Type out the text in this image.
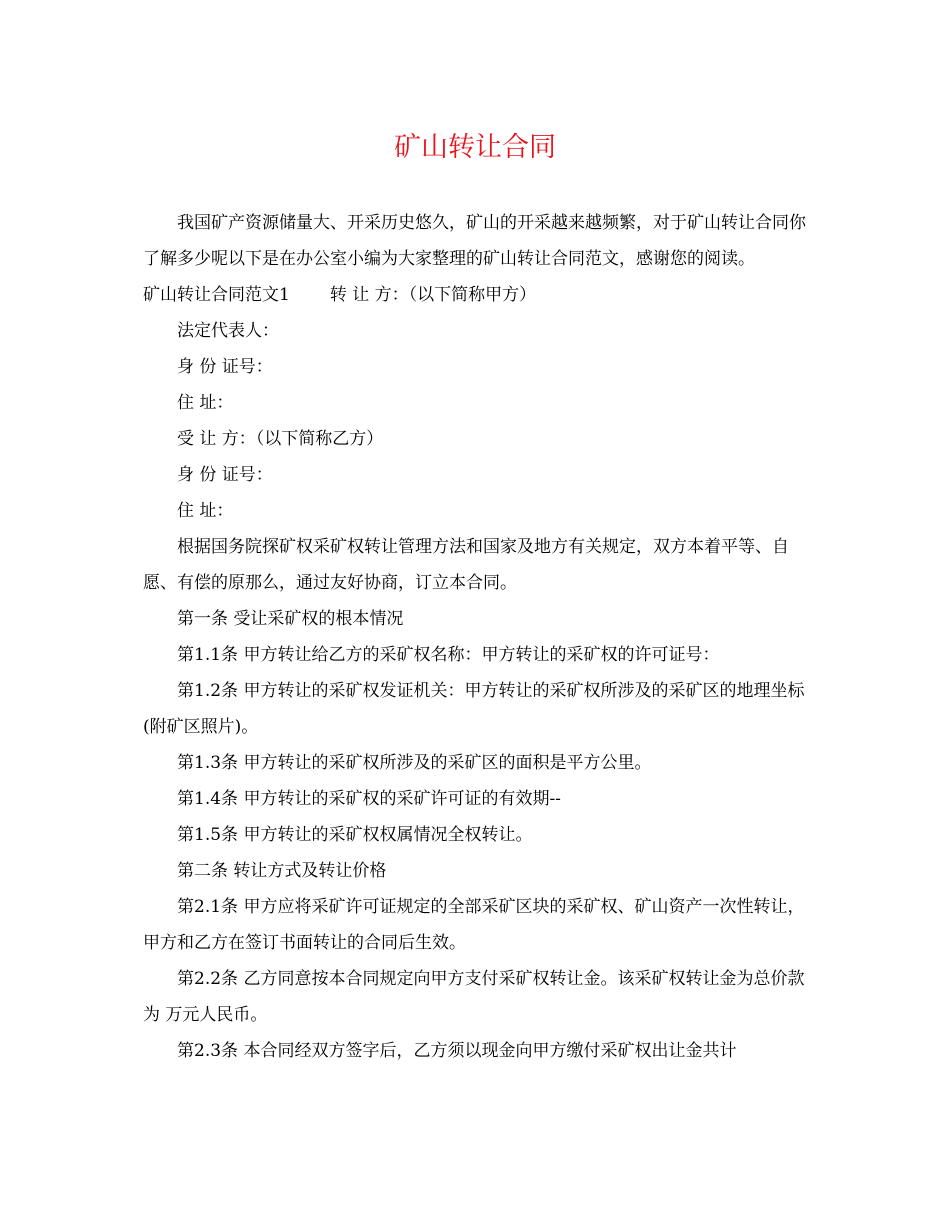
矿山转让合同

我国矿产资源储量大、开采历史悠久，矿山的开采越来越频繁，对于矿山转让合同你了解多少呢以下是在办公室小编为大家整理的矿山转让合同范文，感谢您的阅读。

矿山转让合同范文1 转 让 方：（以下简称甲方）

法定代表人：

身 份 证号：

住 址：

受 让 方：（以下简称乙方）

身 份 证号：

住 址：

根据国务院探矿权采矿权转让管理方法和国家及地方有关规定，双方本着平等、自愿、有偿的原那么，通过友好协商，订立本合同。

第一条 受让采矿权的根本情况

第1.1条 甲方转让给乙方的采矿权名称：甲方转让的采矿权的许可证号：

第1.2条 甲方转让的采矿权发证机关：甲方转让的采矿权所涉及的采矿区的地理坐标(附矿区照片)。

第1.3条 甲方转让的采矿权所涉及的采矿区的面积是平方公里。

第1.4条 甲方转让的采矿权的采矿许可证的有效期--

第1.5条 甲方转让的采矿权权属情况全权转让。

第二条 转让方式及转让价格

第2.1条 甲方应将采矿许可证规定的全部采矿区块的采矿权、矿山资产一次性转让，甲方和乙方在签订书面转让的合同后生效。

第2.2条 乙方同意按本合同规定向甲方支付采矿权转让金。该采矿权转让金为总价款为 万元人民币。

第2.3条 本合同经双方签字后，乙方须以现金向甲方缴付采矿权出让金共计
